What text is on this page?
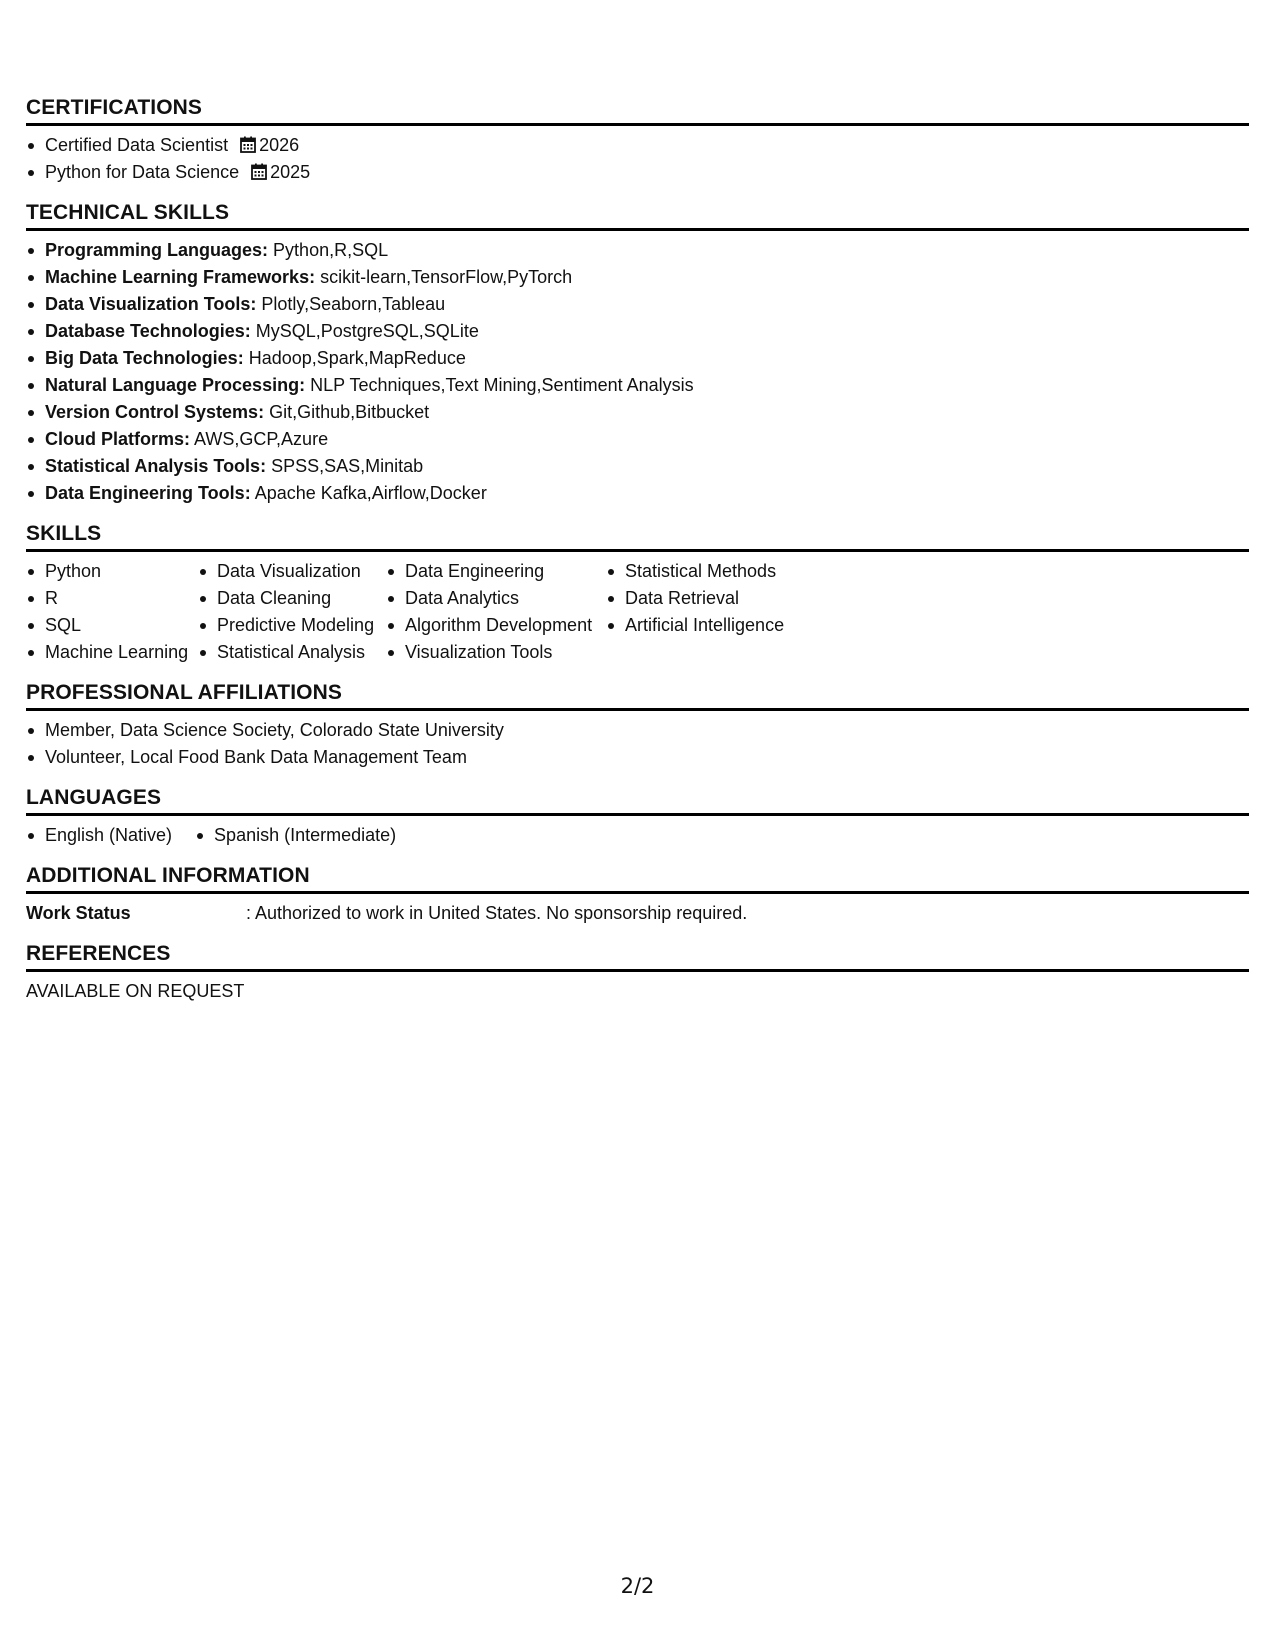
CERTIFICATIONS
Certified Data Scientist 2026
Python for Data Science 2025
TECHNICAL SKILLS
Programming Languages: Python,R,SQL
Machine Learning Frameworks: scikit-learn,TensorFlow,PyTorch
Data Visualization Tools: Plotly,Seaborn,Tableau
Database Technologies: MySQL,PostgreSQL,SQLite
Big Data Technologies: Hadoop,Spark,MapReduce
Natural Language Processing: NLP Techniques,Text Mining,Sentiment Analysis
Version Control Systems: Git,Github,Bitbucket
Cloud Platforms: AWS,GCP,Azure
Statistical Analysis Tools: SPSS,SAS,Minitab
Data Engineering Tools: Apache Kafka,Airflow,Docker
SKILLS
Python
R
SQL
Machine Learning
Data Visualization
Data Cleaning
Predictive Modeling
Statistical Analysis
Data Engineering
Data Analytics
Algorithm Development
Visualization Tools
Statistical Methods
Data Retrieval
Artificial Intelligence
PROFESSIONAL AFFILIATIONS
Member, Data Science Society, Colorado State University
Volunteer, Local Food Bank Data Management Team
LANGUAGES
English (Native)	Spanish (Intermediate)
ADDITIONAL INFORMATION
Work Status	: Authorized to work in United States. No sponsorship required.
REFERENCES
AVAILABLE ON REQUEST
2/2
